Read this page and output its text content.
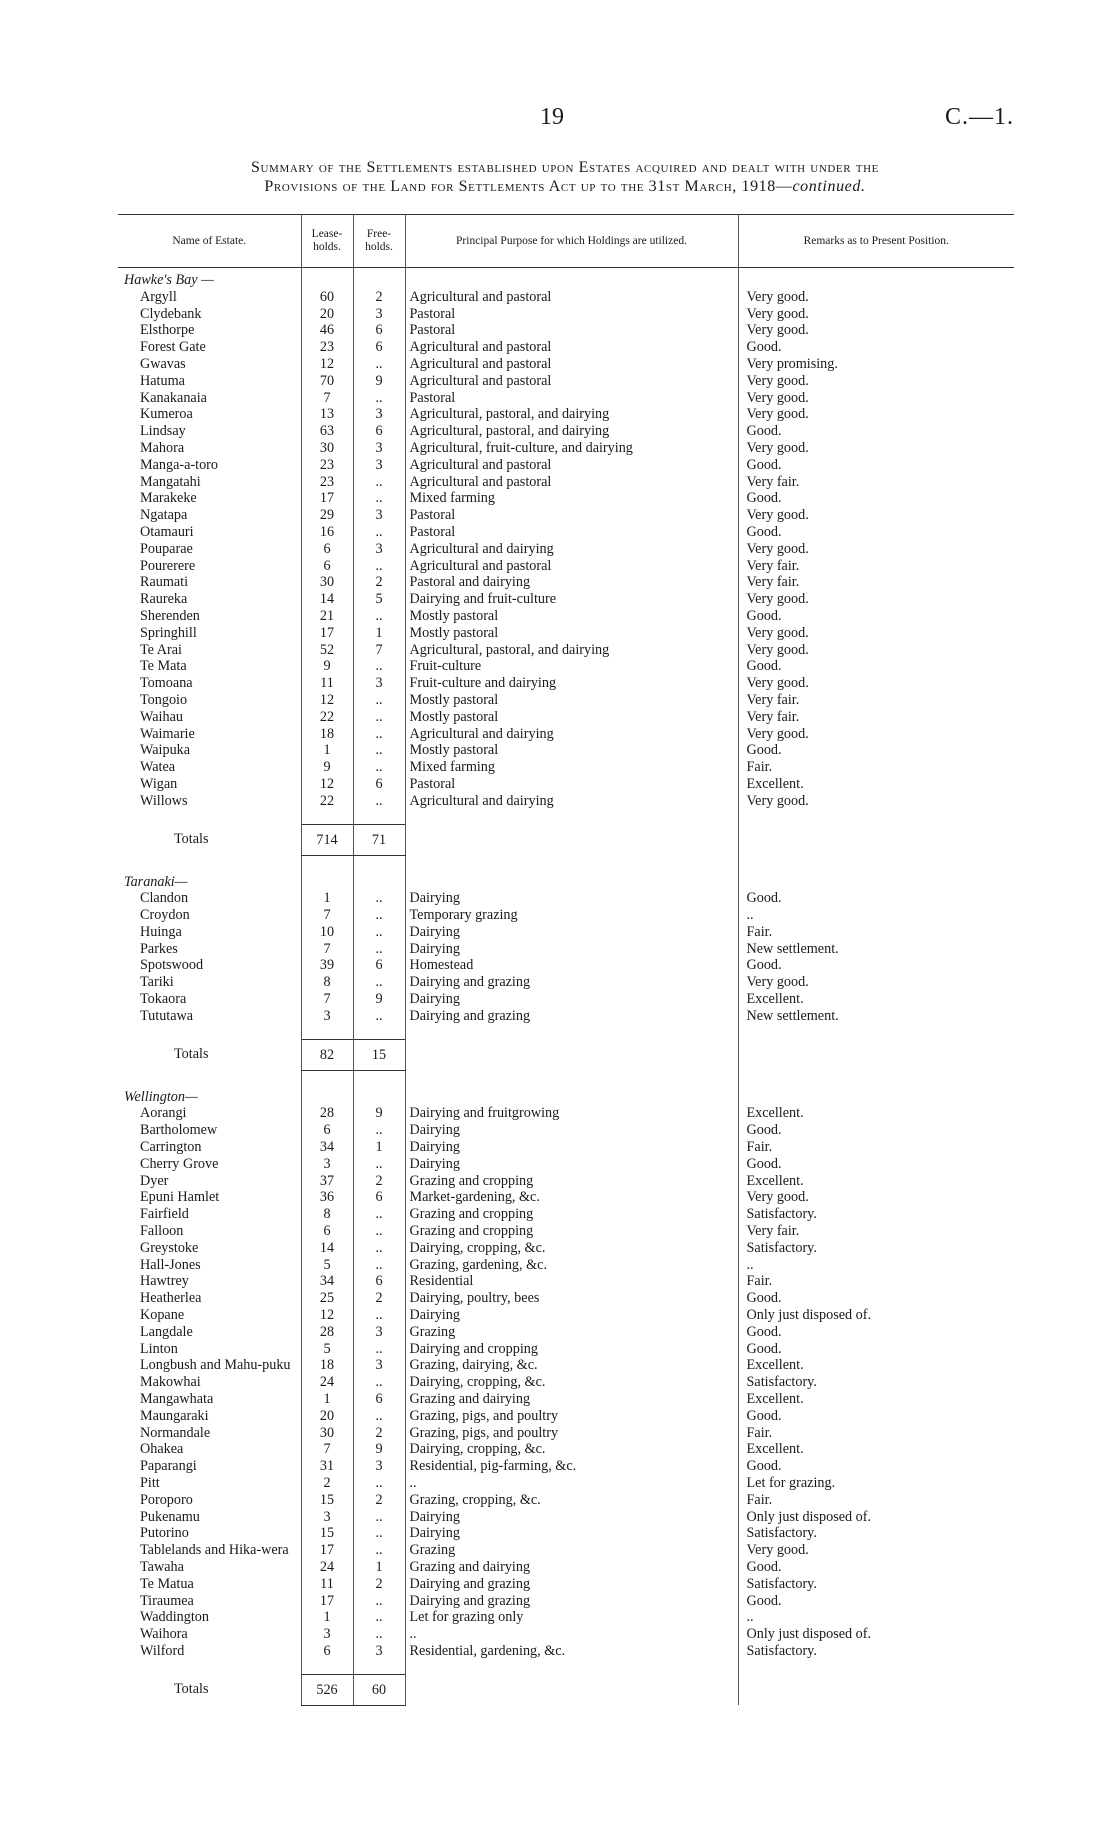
19	C.—1.
Summary of the Settlements established upon Estates acquired and dealt with under the
Provisions of the Land for Settlements Act up to the 31st March, 1918—continued.
Name of Estate.	Lease-holds.	Free-holds.	Principal Purpose for which Holdings are utilized.	Remarks as to Present Position.
Hawke's Bay —				
Argyll	60	2	Agricultural and pastoral	Very good.
Clydebank	20	3	Pastoral	Very good.
Elsthorpe	46	6	Pastoral	Very good.
Forest Gate	23	6	Agricultural and pastoral	Good.
Gwavas	12	..	Agricultural and pastoral	Very promising.
Hatuma	70	9	Agricultural and pastoral	Very good.
Kanakanaia	7	..	Pastoral	Very good.
Kumeroa	13	3	Agricultural, pastoral, and dairying	Very good.
Lindsay	63	6	Agricultural, pastoral, and dairying	Good.
Mahora	30	3	Agricultural, fruit-culture, and dairying	Very good.
Manga-a-toro	23	3	Agricultural and pastoral	Good.
Mangatahi	23	..	Agricultural and pastoral	Very fair.
Marakeke	17	..	Mixed farming	Good.
Ngatapa	29	3	Pastoral	Very good.
Otamauri	16	..	Pastoral	Good.
Pouparae	6	3	Agricultural and dairying	Very good.
Pourerere	6	..	Agricultural and pastoral	Very fair.
Raumati	30	2	Pastoral and dairying	Very fair.
Raureka	14	5	Dairying and fruit-culture	Very good.
Sherenden	21	..	Mostly pastoral	Good.
Springhill	17	1	Mostly pastoral	Very good.
Te Arai	52	7	Agricultural, pastoral, and dairying	Very good.
Te Mata	9	..	Fruit-culture	Good.
Tomoana	11	3	Fruit-culture and dairying	Very good.
Tongoio	12	..	Mostly pastoral	Very fair.
Waihau	22	..	Mostly pastoral	Very fair.
Waimarie	18	..	Agricultural and dairying	Very good.
Waipuka	1	..	Mostly pastoral	Good.
Watea	9	..	Mixed farming	Fair.
Wigan	12	6	Pastoral	Excellent.
Willows	22	..	Agricultural and dairying	Very good.

Totals	714	71		

Taranaki—				
Clandon	1	..	Dairying	Good.
Croydon	7	..	Temporary grazing	..
Huinga	10	..	Dairying	Fair.
Parkes	7	..	Dairying	New settlement.
Spotswood	39	6	Homestead	Good.
Tariki	8	..	Dairying and grazing	Very good.
Tokaora	7	9	Dairying	Excellent.
Tututawa	3	..	Dairying and grazing	New settlement.

Totals	82	15		

Wellington—				
Aorangi	28	9	Dairying and fruitgrowing	Excellent.
Bartholomew	6	..	Dairying	Good.
Carrington	34	1	Dairying	Fair.
Cherry Grove	3	..	Dairying	Good.
Dyer	37	2	Grazing and cropping	Excellent.
Epuni Hamlet	36	6	Market-gardening, &c.	Very good.
Fairfield	8	..	Grazing and cropping	Satisfactory.
Falloon	6	..	Grazing and cropping	Very fair.
Greystoke	14	..	Dairying, cropping, &c.	Satisfactory.
Hall-Jones	5	..	Grazing, gardening, &c.	..
Hawtrey	34	6	Residential	Fair.
Heatherlea	25	2	Dairying, poultry, bees	Good.
Kopane	12	..	Dairying	Only just disposed of.
Langdale	28	3	Grazing	Good.
Linton	5	..	Dairying and cropping	Good.
Longbush and Mahu-puku	18	3	Grazing, dairying, &c.	Excellent.
Makowhai	24	..	Dairying, cropping, &c.	Satisfactory.
Mangawhata	1	6	Grazing and dairying	Excellent.
Maungaraki	20	..	Grazing, pigs, and poultry	Good.
Normandale	30	2	Grazing, pigs, and poultry	Fair.
Ohakea	7	9	Dairying, cropping, &c.	Excellent.
Paparangi	31	3	Residential, pig-farming, &c.	Good.
Pitt	2	..	..	Let for grazing.
Poroporo	15	2	Grazing, cropping, &c.	Fair.
Pukenamu	3	..	Dairying	Only just disposed of.
Putorino	15	..	Dairying	Satisfactory.
Tablelands and Hika-wera	17	..	Grazing	Very good.
Tawaha	24	1	Grazing and dairying	Good.
Te Matua	11	2	Dairying and grazing	Satisfactory.
Tiraumea	17	..	Dairying and grazing	Good.
Waddington	1	..	Let for grazing only	..
Waihora	3	..	..	Only just disposed of.
Wilford	6	3	Residential, gardening, &c.	Satisfactory.

Totals	526	60		
